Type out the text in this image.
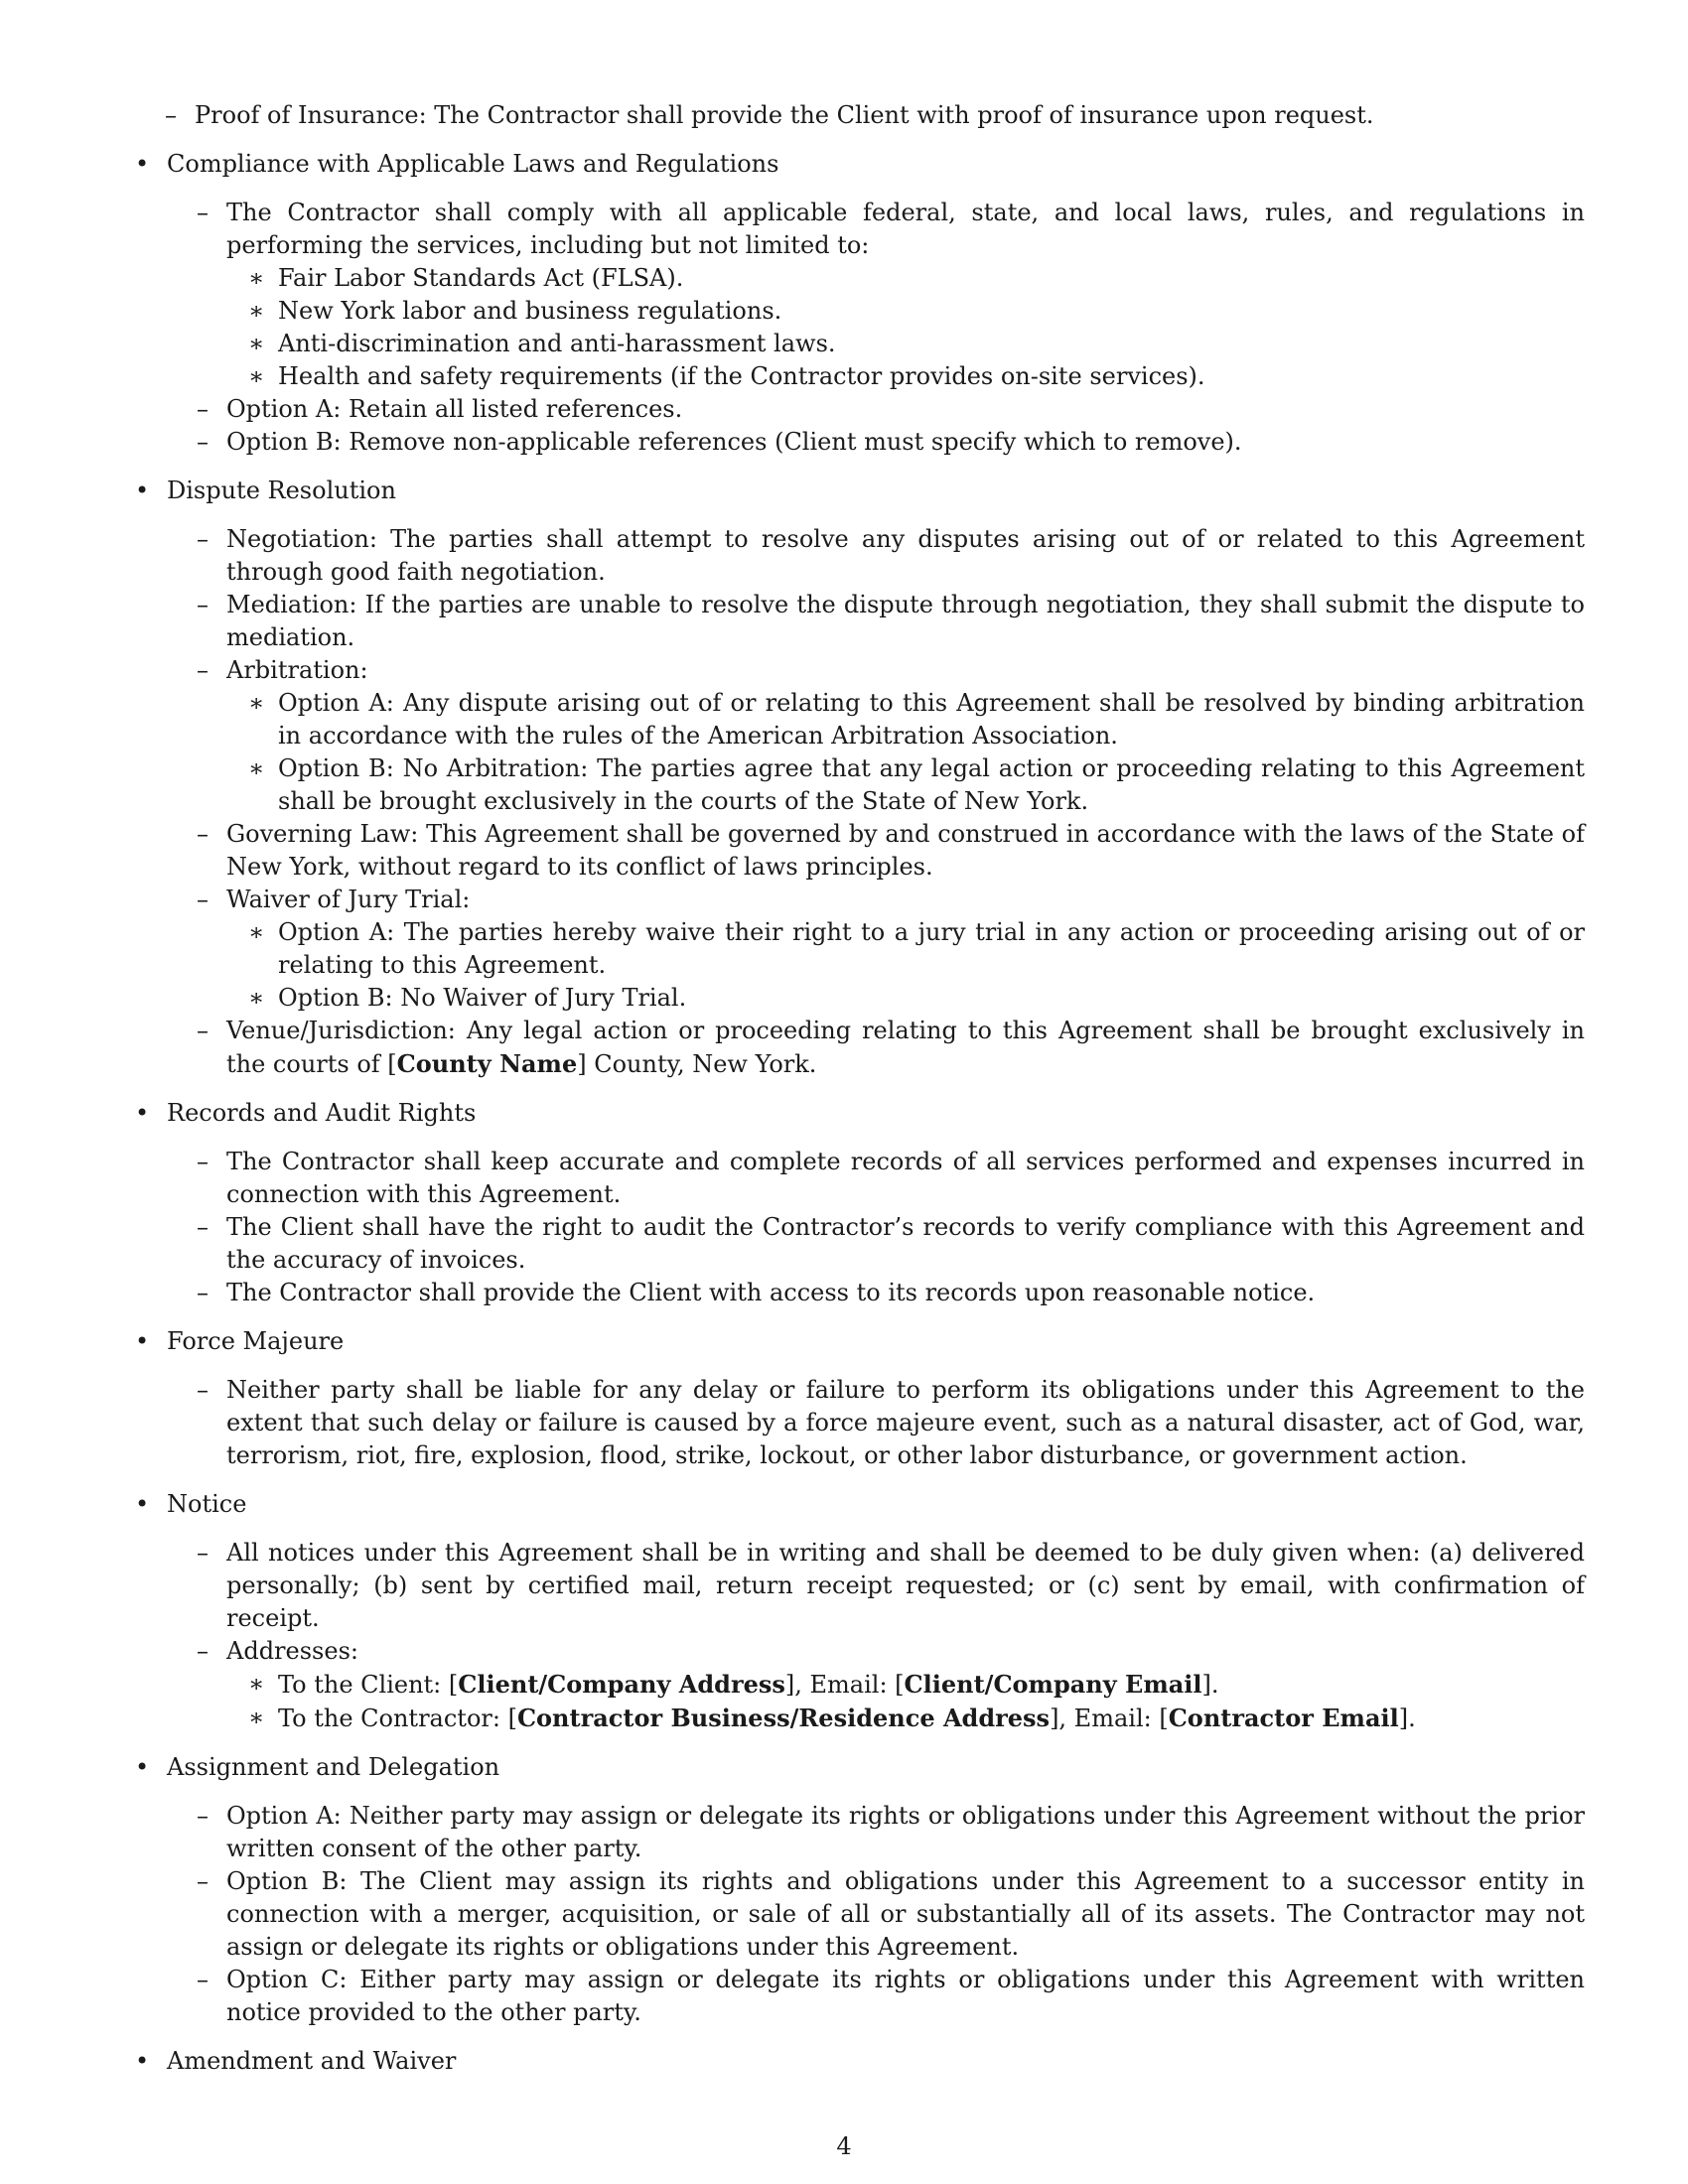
– Proof of Insurance: The Contractor shall provide the Client with proof of insurance upon request.
• Compliance with Applicable Laws and Regulations
– The Contractor shall comply with all applicable federal, state, and local laws, rules, and regulations in performing the services, including but not limited to:
∗ Fair Labor Standards Act (FLSA).
∗ New York labor and business regulations.
∗ Anti-discrimination and anti-harassment laws.
∗ Health and safety requirements (if the Contractor provides on-site services).
– Option A: Retain all listed references.
– Option B: Remove non-applicable references (Client must specify which to remove).
• Dispute Resolution
– Negotiation: The parties shall attempt to resolve any disputes arising out of or related to this Agreement through good faith negotiation.
– Mediation: If the parties are unable to resolve the dispute through negotiation, they shall submit the dispute to mediation.
– Arbitration:
∗ Option A: Any dispute arising out of or relating to this Agreement shall be resolved by binding arbitration in accordance with the rules of the American Arbitration Association.
∗ Option B: No Arbitration: The parties agree that any legal action or proceeding relating to this Agreement shall be brought exclusively in the courts of the State of New York.
– Governing Law: This Agreement shall be governed by and construed in accordance with the laws of the State of New York, without regard to its conflict of laws principles.
– Waiver of Jury Trial:
∗ Option A: The parties hereby waive their right to a jury trial in any action or proceeding arising out of or relating to this Agreement.
∗ Option B: No Waiver of Jury Trial.
– Venue/Jurisdiction: Any legal action or proceeding relating to this Agreement shall be brought exclusively in the courts of [County Name] County, New York.
• Records and Audit Rights
– The Contractor shall keep accurate and complete records of all services performed and expenses incurred in connection with this Agreement.
– The Client shall have the right to audit the Contractor’s records to verify compliance with this Agreement and the accuracy of invoices.
– The Contractor shall provide the Client with access to its records upon reasonable notice.
• Force Majeure
– Neither party shall be liable for any delay or failure to perform its obligations under this Agreement to the extent that such delay or failure is caused by a force majeure event, such as a natural disaster, act of God, war, terrorism, riot, fire, explosion, flood, strike, lockout, or other labor disturbance, or government action.
• Notice
– All notices under this Agreement shall be in writing and shall be deemed to be duly given when: (a) delivered personally; (b) sent by certified mail, return receipt requested; or (c) sent by email, with confirmation of receipt.
– Addresses:
∗ To the Client: [Client/Company Address], Email: [Client/Company Email].
∗ To the Contractor: [Contractor Business/Residence Address], Email: [Contractor Email].
• Assignment and Delegation
– Option A: Neither party may assign or delegate its rights or obligations under this Agreement without the prior written consent of the other party.
– Option B: The Client may assign its rights and obligations under this Agreement to a successor entity in connection with a merger, acquisition, or sale of all or substantially all of its assets. The Contractor may not assign or delegate its rights or obligations under this Agreement.
– Option C: Either party may assign or delegate its rights or obligations under this Agreement with written notice provided to the other party.
• Amendment and Waiver
4
